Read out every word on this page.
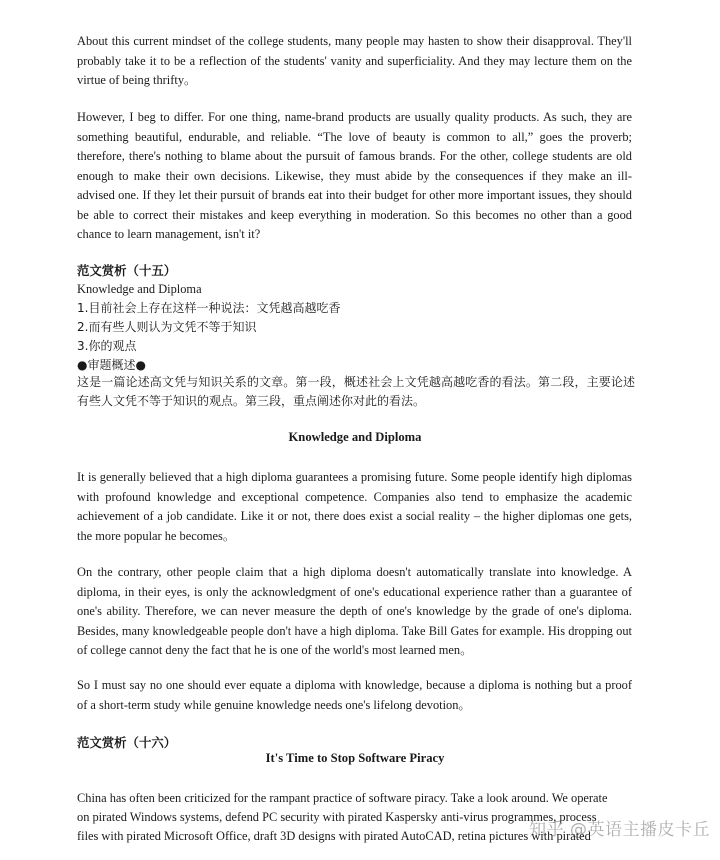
About this current mindset of the college students, many people may hasten to show their disapproval. They'll probably take it to be a reflection of the students' vanity and superficiality. And they may lecture them on the virtue of being thrifty。

However, I beg to differ. For one thing, name-brand products are usually quality products. As such, they are something beautiful, endurable, and reliable. “The love of beauty is common to all,” goes the proverb; therefore, there's nothing to blame about the pursuit of famous brands. For the other, college students are old enough to make their own decisions. Likewise, they must abide by the consequences if they make an ill-advised one. If they let their pursuit of brands eat into their budget for other more important issues, they should be able to correct their mistakes and keep everything in moderation. So this becomes no other than a good chance to learn management, isn't it?

范文赏析（十五）

Knowledge and Diploma

1.目前社会上存在这样一种说法：文凭越高越吃香

2.而有些人则认为文凭不等于知识

3.你的观点

●审题概述●

这是一篇论述高文凭与知识关系的文章。第一段，概述社会上文凭越高越吃香的看法。第二段，主要论述有些人文凭不等于知识的观点。第三段，重点阐述你对此的看法。

Knowledge and Diploma

It is generally believed that a high diploma guarantees a promising future. Some people identify high diplomas with profound knowledge and exceptional competence. Companies also tend to emphasize the academic achievement of a job candidate. Like it or not, there does exist a social reality – the higher diplomas one gets, the more popular he becomes。

On the contrary, other people claim that a high diploma doesn't automatically translate into knowledge. A diploma, in their eyes, is only the acknowledgment of one's educational experience rather than a guarantee of one's ability. Therefore, we can never measure the depth of one's knowledge by the grade of one's diploma. Besides, many knowledgeable people don't have a high diploma. Take Bill Gates for example. His dropping out of college cannot deny the fact that he is one of the world's most learned men。

So I must say no one should ever equate a diploma with knowledge, because a diploma is nothing but a proof of a short-term study while genuine knowledge needs one's lifelong devotion。

范文赏析（十六）

It's Time to Stop Software Piracy

China has often been criticized for the rampant practice of software piracy. Take a look around. We operate

on pirated Windows systems, defend PC security with pirated Kaspersky anti-virus programmes, process

files with pirated Microsoft Office, draft 3D designs with pirated AutoCAD, retina pictures with pirated

知乎 @英语主播皮卡丘
